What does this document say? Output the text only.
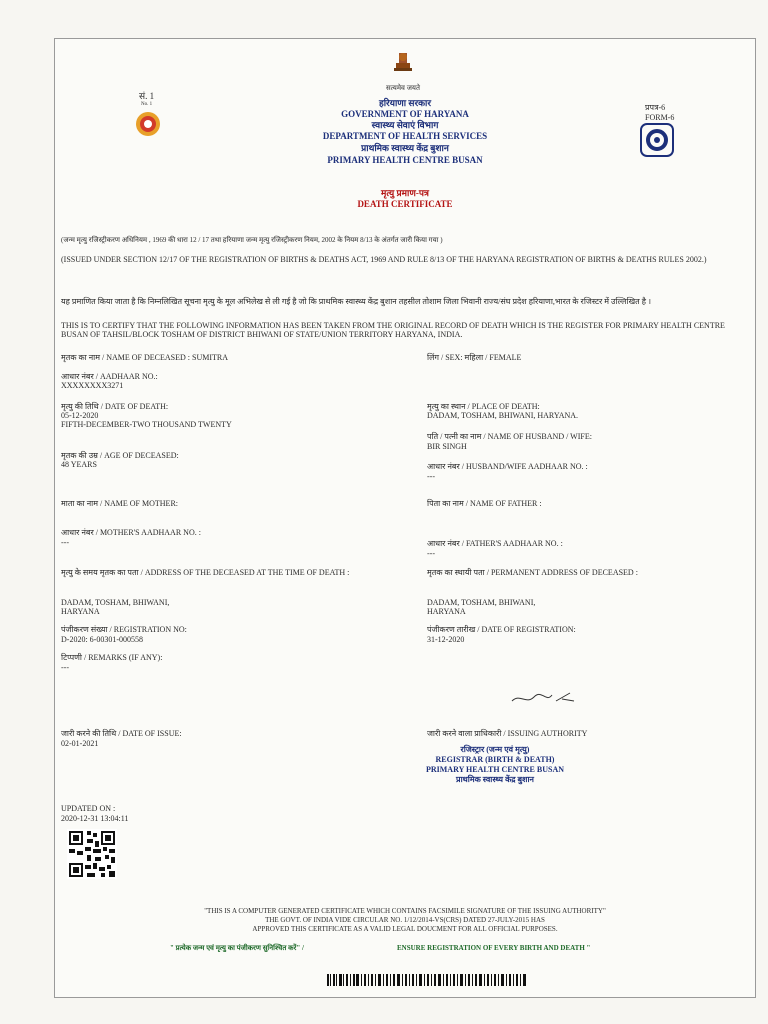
सत्यमेव जयते
सं. 1
No. 1	हरियाणा सरकार
GOVERNMENT OF HARYANA
स्वास्थ्य सेवाएं विभाग
DEPARTMENT OF HEALTH SERVICES
प्राथमिक स्वास्थ्य केंद्र बुशान
PRIMARY HEALTH CENTRE BUSAN
प्रपत्र-6
FORM-6
मृत्यु प्रमाण-पत्र
DEATH CERTIFICATE
(जन्म मृत्यु रजिस्ट्रीकरण अधिनियम , 1969 की धारा 12 / 17 तथा हरियाणा जन्म मृत्यु रजिस्ट्रीकरण नियम, 2002 के नियम 8/13 के अंतर्गत जारी किया गया )
(ISSUED UNDER SECTION 12/17 OF THE REGISTRATION OF BIRTHS & DEATHS ACT, 1969 AND RULE 8/13 OF THE HARYANA REGISTRATION OF BIRTHS & DEATHS RULES 2002.)
यह प्रमाणित किया जाता है कि निम्नलिखित सूचना मृत्यु के मूल अभिलेख से ली गई है जो कि प्राथमिक स्वास्थ्य केंद्र बुशान तहसील तोशाम जिला भिवानी राज्य/संघ प्रदेश हरियाणा,भारत के रजिस्टर में उल्लिखित है ।
THIS IS TO CERTIFY THAT THE FOLLOWING INFORMATION HAS BEEN TAKEN FROM THE ORIGINAL RECORD OF DEATH WHICH IS THE REGISTER FOR PRIMARY HEALTH CENTRE BUSAN OF TAHSIL/BLOCK TOSHAM OF DISTRICT BHIWANI OF STATE/UNION TERRITORY HARYANA, INDIA.
मृतक का नाम / NAME OF DECEASED : SUMITRA	लिंग / SEX: महिला / FEMALE
आधार नंबर / AADHAAR NO.:
XXXXXXXX3271
मृत्यु की तिथि / DATE OF DEATH:
05-12-2020
FIFTH-DECEMBER-TWO THOUSAND TWENTY
मृत्यु का स्थान / PLACE OF DEATH:
DADAM, TOSHAM, BHIWANI, HARYANA.
पति / पत्नी का नाम / NAME OF HUSBAND / WIFE:
BIR SINGH
मृतक की उम्र / AGE OF DECEASED:
48 YEARS	आधार नंबर / HUSBAND/WIFE AADHAAR NO. :
---
माता का नाम / NAME OF MOTHER:	पिता का नाम / NAME OF FATHER :
आधार नंबर / MOTHER'S AADHAAR NO. :
---	आधार नंबर / FATHER'S AADHAAR NO. :
---
मृत्यु के समय मृतक का पता / ADDRESS OF THE DECEASED AT THE TIME OF DEATH :	मृतक का स्थायी पता / PERMANENT ADDRESS OF DECEASED :
DADAM, TOSHAM, BHIWANI,
HARYANA
DADAM, TOSHAM, BHIWANI,
HARYANA
पंजीकरण संख्या / REGISTRATION NO:
D-2020: 6-00301-000558
पंजीकरण तारीख / DATE OF REGISTRATION:
31-12-2020
टिप्पणी / REMARKS (IF ANY):
---
जारी करने की तिथि / DATE OF ISSUE:
02-01-2021
जारी करने वाला प्राधिकारी / ISSUING AUTHORITY
रजिस्ट्रार (जन्म एवं मृत्यु)
REGISTRAR (BIRTH & DEATH)
PRIMARY HEALTH CENTRE BUSAN
प्राथमिक स्वास्थ्य केंद्र बुशान
UPDATED ON :
2020-12-31 13:04:11
"THIS IS A COMPUTER GENERATED CERTIFICATE WHICH CONTAINS FACSIMILE SIGNATURE OF THE ISSUING AUTHORITY"
THE GOVT. OF INDIA VIDE CIRCULAR NO. 1/12/2014-VS(CRS) DATED 27-JULY-2015 HAS
APPROVED THIS CERTIFICATE AS A VALID LEGAL DOUCMENT FOR ALL OFFICIAL PURPOSES.
" प्रत्येक जन्म एवं मृत्यु का पंजीकरण सुनिश्चित करें" /	ENSURE REGISTRATION OF EVERY BIRTH AND DEATH "
